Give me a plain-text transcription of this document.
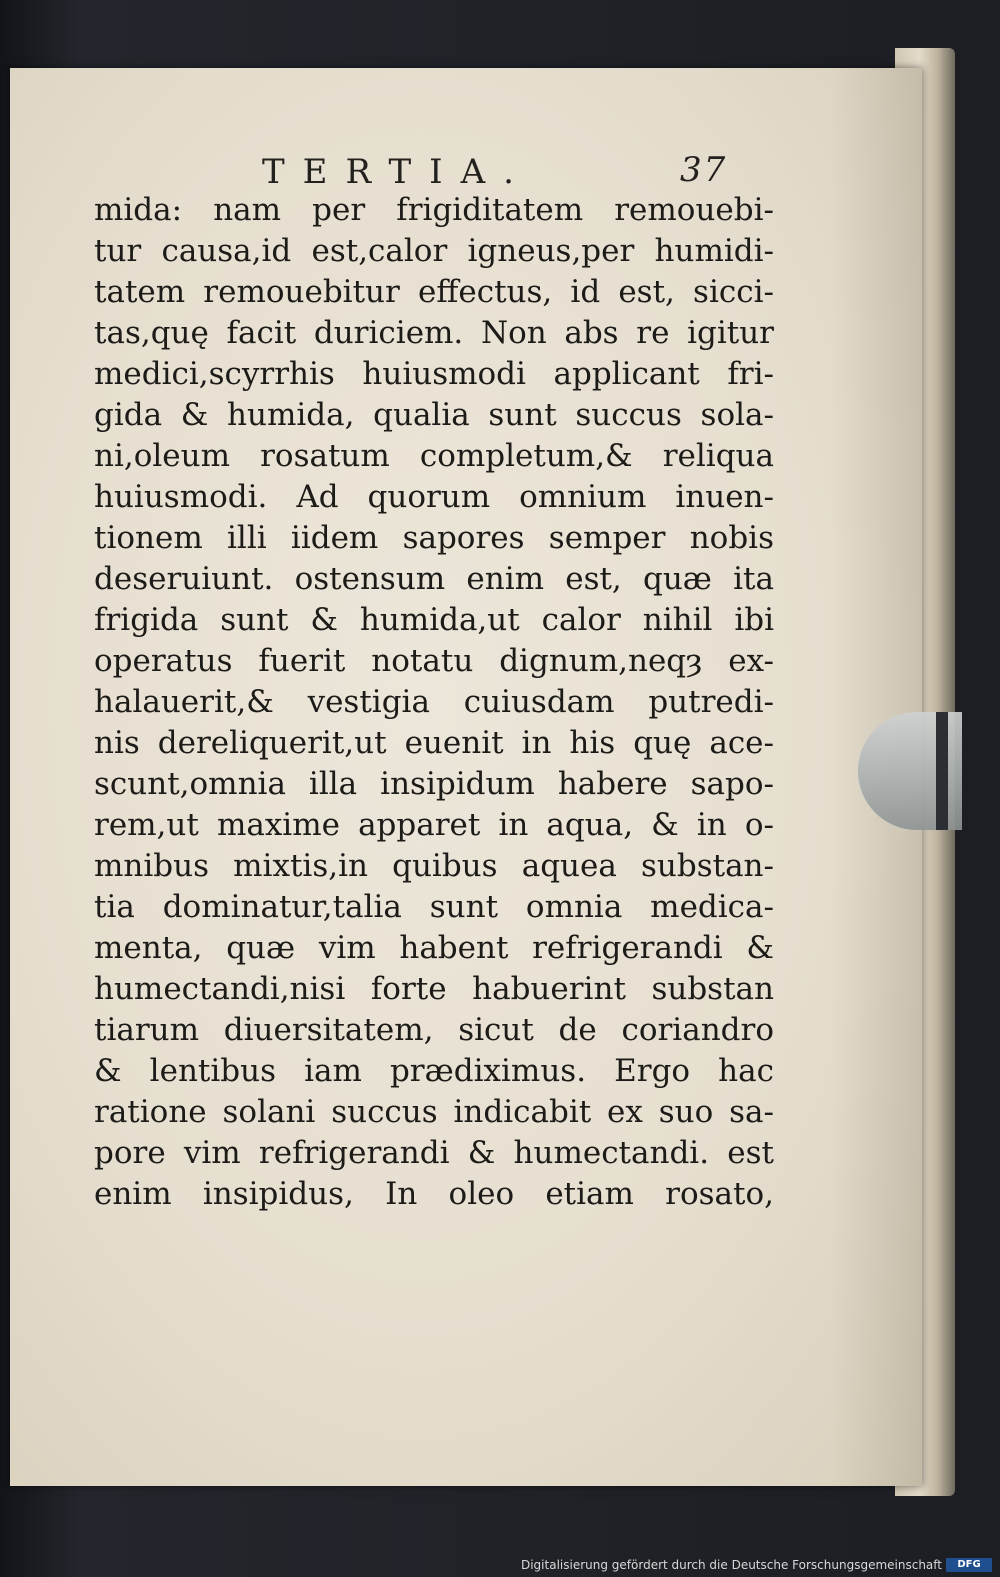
TERTIA.	37
mida: nam per frigiditatem remouebi-
tur causa,id est,calor igneus,per humidi-
tatem remouebitur effectus, id est, sicci-
tas,quę facit duriciem. Non abs re igitur
medici,scyrrhis huiusmodi applicant fri-
gida & humida, qualia sunt succus sola-
ni,oleum rosatum completum,& reliqua
huiusmodi. Ad quorum omnium inuen-
tionem illi iidem sapores semper nobis
deseruiunt. ostensum enim est, quæ ita
frigida sunt & humida,ut calor nihil ibi
operatus fuerit notatu dignum,neqȝ ex-
halauerit,& vestigia cuiusdam putredi-
nis dereliquerit,ut euenit in his quę ace-
scunt,omnia illa insipidum habere sapo-
rem,ut maxime apparet in aqua, & in o-
mnibus mixtis,in quibus aquea substan-
tia dominatur,talia sunt omnia medica-
menta, quæ vim habent refrigerandi &
humectandi,nisi forte habuerint substan
tiarum diuersitatem, sicut de coriandro
& lentibus iam prædiximus. Ergo hac
ratione solani succus indicabit ex suo sa-
pore vim refrigerandi & humectandi. est
enim insipidus, In oleo etiam rosato,
Digitalisierung gefördert durch die Deutsche Forschungsgemeinschaft	DFG
